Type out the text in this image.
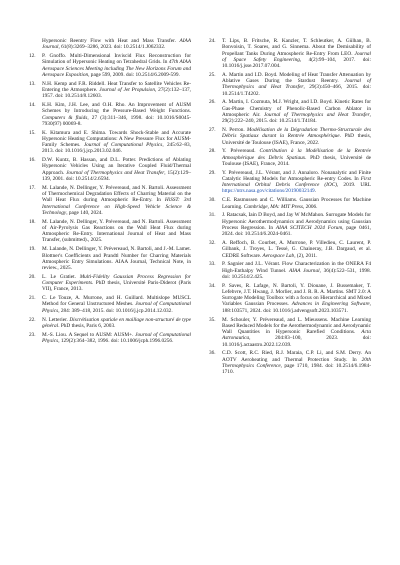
Hypersonic Reentry Flow with Heat and Mass Transfer. AIAA Journal, 61(8):3269–3286, 2023. doi: 10.2514/1.J062332.
12. P. Gnoffo. Multi-Dimensional Inviscid Flux Reconstruction for Simulation of Hypersonic Heating on Tetrahedral Grids. In 47th AIAA Aerospace Sciences Meeting including The New Horizons Forum and Aerospace Exposition, page 599, 2009. doi: 10.2514/6.2009-599.
13. N.H. Kemp and F.R. Riddell. Heat Transfer to Satellite Vehicles Re-Entering the Atmosphere. Journal of Jet Propulsion, 27(2):132–137, 1957. doi: 10.2514/8.12603.
14. K.H. Kim, J.H. Lee, and O.H. Rho. An Improvement of AUSM Schemes by Introducing the Pressure-Based Weight Functions. Computers & fluids, 27 (3):311–346, 1998. doi: 10.1016/S0045-7930(97) 00069-8.
15. K. Kitamura and E. Shima. Towards Shock-Stable and Accurate Hypersonic Heating Computations: A New Pressure Flux for AUSM-Family Schemes. Journal of Computational Physics, 245:62–83, 2013. doi: 10.1016/j.jcp.2013.02.046.
16. D.W. Kuntz, B. Hassan, and D.L. Potter. Predictions of Ablating Hypersonic Vehicles Using an Iterative Coupled Fluid/Thermal Approach. Journal of Thermophysics and Heat Transfer, 15(2):129–139, 2001. doi: 10.2514/2.6594.
17. M. Lalande, N. Dellinger, Y. Prévereaud, and N. Bartoli. Assessment of Thermochemical Degradation Effects of Charring Material on the Wall Heat Flux during Atmospheric Re-Entry. In HiSST: 3rd International Conference on High-Speed Vehicle Science & Technology, page 140, 2024.
18. M. Lalande, N. Dellinger, Y. Prévereaud, and N. Bartoli. Assessment of Air-Pyrolysis Gas Reactions on the Wall Heat Flux during Atmospheric Re-Entry. International Journal of Heat and Mass Transfer, (submitted)., 2025.
19. M. Lalande, N. Dellinger, Y. Prévereaud, N. Bartoli, and J.-M. Lamet. Blottner's Coefficients and Prandtl Number for Charring Materials Atmospheric Entry Simulations. AIAA Journal, Technical Note, in review., 2025.
20. L. Le Gratiet. Multi-Fidelity Gaussian Process Regression for Computer Experiments. PhD thesis, Université Paris-Diderot (Paris VII), France, 2013.
21. C. Le Touze, A. Murrone, and H. Guillard. Multislope MUSCL Method for General Unstructured Meshes. Journal of Computational Physics, 284: 389–418, 2015. doi: 10.1016/j.jcp.2014.12.032.
22. N. Letterier. Discrétisation spatiale en maillage non-structuré de type général. PhD thesis, Paris 6, 2003.
23. M.-S. Liou. A Sequel to AUSM: AUSM+. Journal of Computational Physics, 129(2):364–382, 1996. doi: 10.1006/jcph.1996.0256.
24. T. Lips, B. Fritsche, R. Kanzler, T. Schleutker, A. Gülhan, B. Bonvoisin, T. Soares, and G. Sinnema. About the Demisability of Propellant Tanks During Atmospheric Re-Entry From LEO. Journal of Space Safety Engineering, 4(2):99–104, 2017. doi: 10.1016/j.jsse.2017.07.004.
25. A. Martin and I.D. Boyd. Modeling of Heat Transfer Attenuation by Ablative Gases During the Stardust Reentry. Journal of Thermophysics and Heat Transfer, 29(3):450–466, 2015. doi: 10.2514/1.T4202.
26. A. Martin, I. Cozmuta, M.J. Wright, and I.D. Boyd. Kinetic Rates for Gas-Phase Chemistry of Phenolic-Based Carbon Ablator in Atmospheric Air. Journal of Thermophysics and Heat Transfer, 29(2):222–240, 2015. doi: 10.2514/1.T4184.
27. N. Perron. Modélisation de la Dégradation Thermo-Structurale des Débris Spatiaux durant la Rentrée Atmosphérique. PhD thesis, Université de Toulouse (ISAE), France, 2022.
28. Y. Prévereaud. Contribution à la Modélisation de la Rentrée Atmosphérique des Débris Spatiaux. PhD thesis, Université de Toulouse (ISAE), France, 2014.
29. Y. Prévereaud, J.L. Vérant, and J. Annaloro. Nonanalytic and Finite Catalytic Heating Models for Atmospheric Re-entry Codes. In First International Orbital Debris Conference (IOC), 2019. URL https://ntrs.nasa.gov/citations/20190032149.
30. C.E. Rasmussen and C. Williams. Gaussian Processes for Machine Learning. Cambridge, MA: MIT Press, 2006.
31. J. Ratacsak, Iain D Boyd, and Jay W McMahon. Surrogate Models for Hypersonic Aerothermodynamics and Aerodynamics using Gaussian Process Regression. In AIAA SCITECH 2024 Forum, page 0461, 2024. doi: 10.2514/6.2024-0461.
32. A. Reffoch, B. Courbet, A. Murrone, P. Villedieu, C. Laurent, P. Gilbank, J. Troyes, L. Tessé, G. Chaineray, J.B. Dargaud, et al. CEDRE Software. Aerospace Lab, (2), 2011.
33. P. Sagnier and J.L. Vérant. Flow Characterization in the ONERA F4 High-Enthalpy Wind Tunnel. AIAA Journal, 36(4):522–531, 1998. doi: 10.2514/2.425.
34. P. Saves, R. Lafage, N. Bartoli, Y. Diouane, J. Bussemaker, T. Lefebvre, J.T. Hwang, J. Morlier, and J. R. R. A. Martins. SMT 2.0: A Surrogate Modeling Toolbox with a focus on Hierarchical and Mixed Variables Gaussian Processes. Advances in Engineering Software, 188:103571, 2024. doi: 10.1016/j.advengsoft.2023.103571.
35. M. Schouler, Y. Prévereaud, and L. Mieussens. Machine Learning Based Reduced Models for the Aerothermodynamic and Aerodynamic Wall Quantities in Hypersonic Rarefied Conditions. Acta Astronautica, 204:83–100, 2023. doi: 10.1016/j.actaastro.2022.12.039.
36. C.D. Scott, R.C. Ried, R.J. Maraia, C.P. Li, and S.M. Derry. An AOTV Aeroheating and Thermal Protection Study. In 20th Thermophysics Conference, page 1710, 1984. doi: 10.2514/6.1984-1710.
